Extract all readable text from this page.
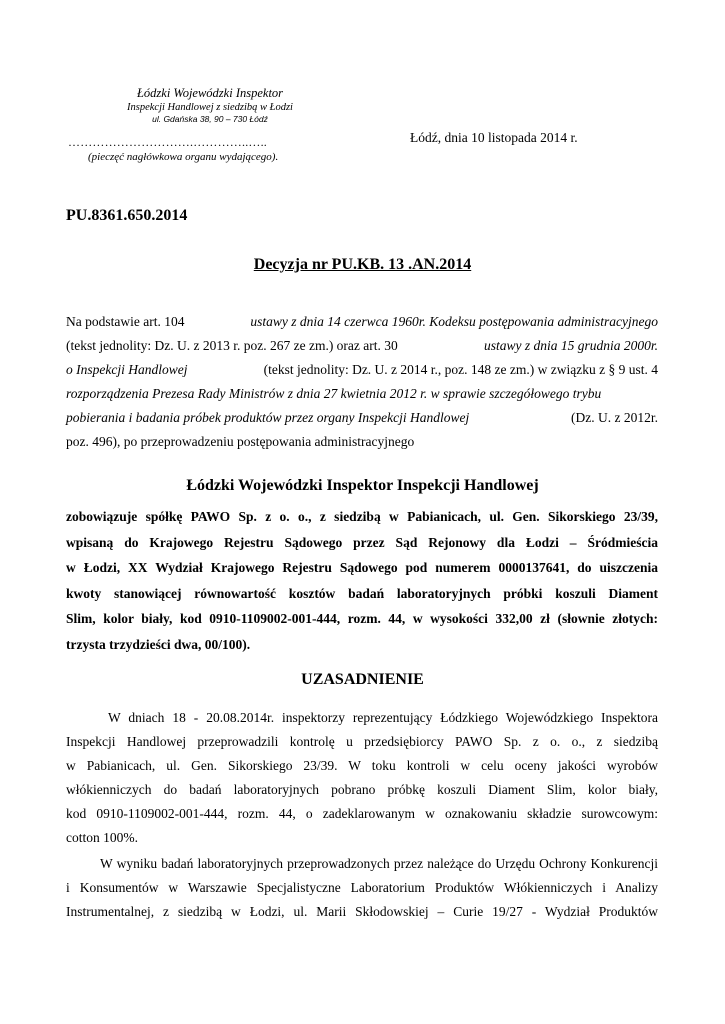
Łódzki Wojewódzki Inspektor
Inspekcji Handlowej z siedzibą w Łodzi
ul. Gdańska 38, 90 – 730 Łódź
………………………….…………..…..
(pieczęć nagłówkowa organu wydającego).
Łódź, dnia 10 listopada 2014 r.
PU.8361.650.2014
Decyzja nr PU.KB. 13 .AN.2014
Na podstawie art. 104	ustawy z dnia 14 czerwca 1960r. Kodeksu postępowania administracyjnego
(tekst jednolity: Dz. U. z 2013 r. poz. 267 ze zm.) oraz art. 30	ustawy z dnia 15 grudnia 2000r.
o Inspekcji Handlowej	(tekst jednolity: Dz. U. z 2014 r., poz. 148 ze zm.) w związku z § 9 ust. 4
rozporządzenia Prezesa Rady Ministrów z dnia 27 kwietnia 2012 r. w sprawie szczegółowego trybu
pobierania i badania próbek produktów przez organy Inspekcji Handlowej	(Dz. U. z 2012r.
poz. 496) , po przeprowadzeniu postępowania administracyjnego
Łódzki Wojewódzki Inspektor Inspekcji Handlowej
zobowiązuje spółkę PAWO Sp. z o. o., z siedzibą w Pabianicach, ul. Gen. Sikorskiego 23/39,
wpisaną do Krajowego Rejestru Sądowego przez Sąd Rejonowy dla Łodzi – Śródmieścia
w Łodzi, XX Wydział Krajowego Rejestru Sądowego pod numerem 0000137641, do uiszczenia
kwoty stanowiącej równowartość kosztów badań laboratoryjnych próbki koszuli Diament
Slim, kolor biały, kod 0910-1109002-001-444, rozm. 44, w wysokości 332,00 zł (słownie złotych:
trzysta trzydzieści dwa, 00/100).
UZASADNIENIE
W dniach 18 - 20.08.2014r. inspektorzy reprezentujący Łódzkiego Wojewódzkiego Inspektora
Inspekcji Handlowej przeprowadzili kontrolę u przedsiębiorcy PAWO Sp. z o. o., z siedzibą
w Pabianicach, ul. Gen. Sikorskiego 23/39. W toku kontroli w celu oceny jakości wyrobów
włókienniczych do badań laboratoryjnych pobrano próbkę koszuli Diament Slim, kolor biały,
kod 0910-1109002-001-444, rozm. 44, o zadeklarowanym w oznakowaniu składzie surowcowym:
cotton 100%.
W wyniku badań laboratoryjnych przeprowadzonych przez należące do Urzędu Ochrony Konkurencji
i Konsumentów w Warszawie Specjalistyczne Laboratorium Produktów Włókienniczych i Analizy
Instrumentalnej, z siedzibą w Łodzi, ul. Marii Skłodowskiej – Curie 19/27 - Wydział Produktów
